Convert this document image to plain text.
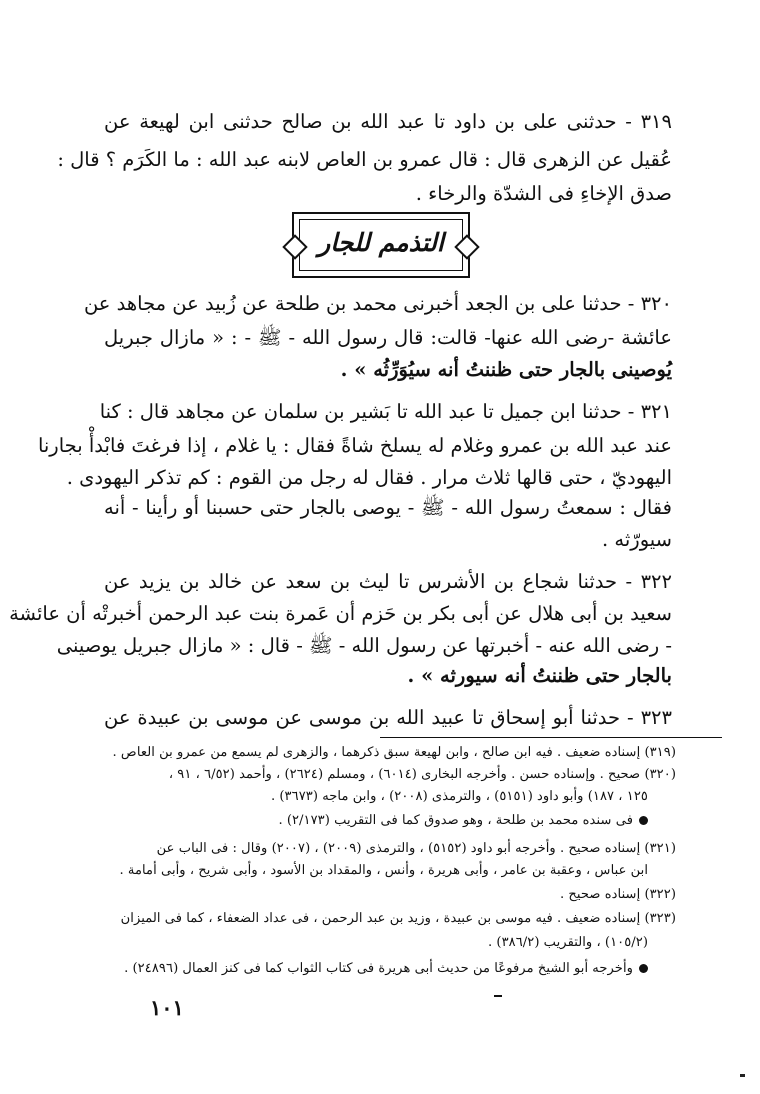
٣١٩ - حدثنى على بن داود تا عبد الله بن صالح حدثنى ابن لهيعة عن
عُقيل عن الزهرى قال : قال عمرو بن العاص لابنه عبد الله : ما الكَرَم ؟ قال :
صدق الإخاءِ فى الشدّة والرخاء .
التذمم للجار
٣٢٠ - حدثنا على بن الجعد أخبرنى محمد بن طلحة عن زُبيد عن مجاهد عن
عائشة -رضى الله عنها- قالت: قال رسول الله - ﷺ - : « مازال جبريل
يُوصينى بالجار حتى ظننتُ أنه سيُوَرِّثُه » .
٣٢١ - حدثنا ابن جميل تا عبد الله تا بَشير بن سلمان عن مجاهد قال : كنا
عند عبد الله بن عمرو وغلام له يسلخ شاةً فقال : يا غلام ، إذا فرغتَ فابْدأْ بجارنا
اليهوديّ ، حتى قالها ثلاث مرار . فقال له رجل من القوم : كم تذكر اليهودى .
فقال : سمعتُ رسول الله - ﷺ - يوصى بالجار حتى حسبنا أو رأينا - أنه
سيورّثه .
٣٢٢ - حدثنا شجاع بن الأشرس تا ليث بن سعد عن خالد بن يزيد عن
سعيد بن أبى هلال عن أبى بكر بن حَزم أن عَمرة بنت عبد الرحمن أخبرتْه أن عائشة
- رضى الله عنه - أخبرتها عن رسول الله - ﷺ - قال : « مازال جبريل يوصينى
بالجار حتى ظننتُ أنه سيورثه » .
٣٢٣ - حدثنا أبو إسحاق تا عبيد الله بن موسى عن موسى بن عبيدة عن
(٣١٩) إسناده ضعيف . فيه ابن صالح ، وابن لهيعة سبق ذكرهما ، والزهرى لم يسمع من عمرو بن العاص .
(٣٢٠) صحيح . وإسناده حسن . وأخرجه البخارى (٦٠١٤) ، ومسلم (٢٦٢٤) ، وأحمد (٦/٥٢ ، ٩١ ،
١٢٥ ، ١٨٧) وأبو داود (٥١٥١) ، والترمذى (٢٠٠٨) ، وابن ماجه (٣٦٧٣) .
فى سنده محمد بن طلحة ، وهو صدوق كما فى التقريب (٢/١٧٣) .
(٣٢١) إسناده صحيح . وأخرجه أبو داود (٥١٥٢) ، والترمذى (٢٠٠٩) ، (٢٠٠٧) وقال : فى الباب عن
ابن عباس ، وعقبة بن عامر ، وأبى هريرة ، وأنس ، والمقداد بن الأسود ، وأبى شريح ، وأبى أمامة .
(٣٢٢) إسناده صحيح .
(٣٢٣) إسناده ضعيف . فيه موسى بن عبيدة ، وزيد بن عبد الرحمن ، فى عداد الضعفاء ، كما فى الميزان
(١٠٥/٢) ، والتقريب (٣٨٦/٢) .
وأخرجه أبو الشيخ مرفوعًا من حديث أبى هريرة فى كتاب الثواب كما فى كنز العمال (٢٤٨٩٦) .
١٠١
